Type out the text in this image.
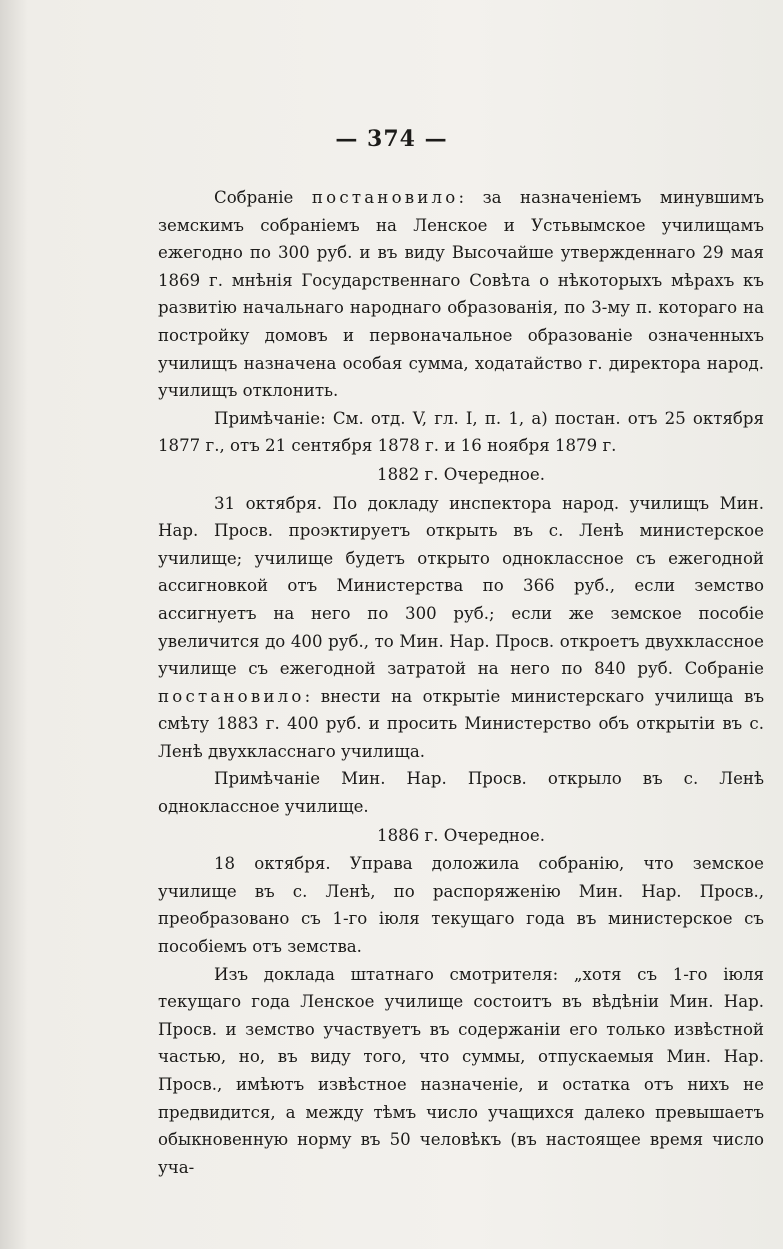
— 374 —

Собраніе постановило: за назначеніемъ минувшимъ земскимъ собраніемъ на Ленское и Устьвымское училищамъ ежегодно по 300 руб. и въ виду Высочайше утвержденнаго 29 мая 1869 г. мнѣнія Государственнаго Совѣта о нѣкоторыхъ мѣрахъ къ развитію начальнаго народнаго образованія, по 3-му п. котораго на постройку домовъ и первоначальное образованіе означенныхъ училищъ назначена особая сумма, ходатайство г. директора народ. училищъ отклонить.

Примѣчаніе: См. отд. V, гл. I, п. 1, а) постан. отъ 25 октября 1877 г., отъ 21 сентября 1878 г. и 16 ноября 1879 г.

1882 г. Очередное.

31 октября. По докладу инспектора народ. училищъ Мин. Нар. Просв. проэктируетъ открыть въ с. Ленѣ министерское училище; училище будетъ открыто одноклассное съ ежегодной ассигновкой отъ Министерства по 366 руб., если земство ассигнуетъ на него по 300 руб.; если же земское пособіе увеличится до 400 руб., то Мин. Нар. Просв. откроетъ двухклассное училище съ ежегодной затратой на него по 840 руб. Собраніе постановило: внести на открытіе министерскаго училища въ смѣту 1883 г. 400 руб. и просить Министерство объ открытіи въ с. Ленѣ двухкласснаго училища.

Примѣчаніе Мин. Нар. Просв. открыло въ с. Ленѣ одноклассное училище.

1886 г. Очередное.

18 октября. Управа доложила собранію, что земское училище въ с. Ленѣ, по распоряженію Мин. Нар. Просв., преобразовано съ 1-го іюля текущаго года въ министерское съ пособіемъ отъ земства.

Изъ доклада штатнаго смотрителя: „хотя съ 1-го іюля текущаго года Ленское училище состоитъ въ вѣдѣніи Мин. Нар. Просв. и земство участвуетъ въ содержаніи его только извѣстной частью, но, въ виду того, что суммы, отпускаемыя Мин. Нар. Просв., имѣютъ извѣстное назначеніе, и остатка отъ нихъ не предвидится, а между тѣмъ число учащихся далеко превышаетъ обыкновенную норму въ 50 человѣкъ (въ настоящее время число уча-
